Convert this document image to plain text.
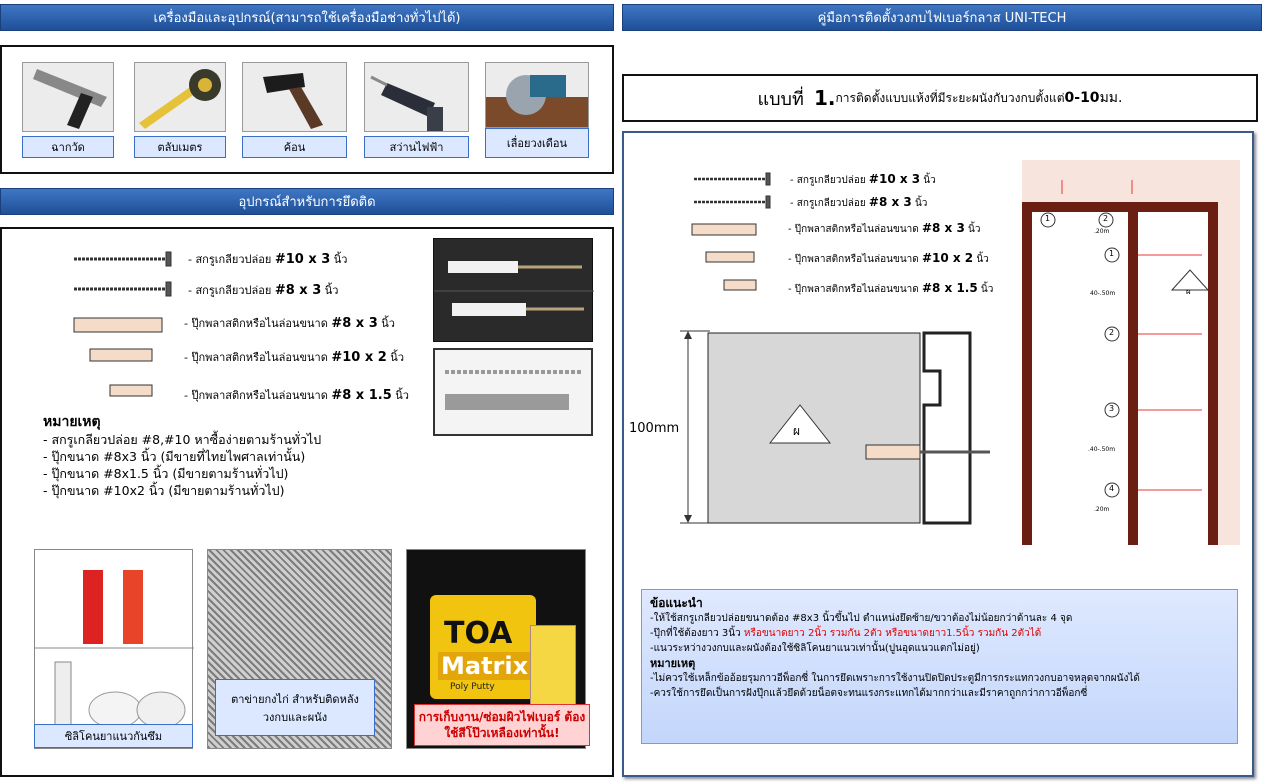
เครื่องมือและอุปกรณ์(สามารถใช้เครื่องมือช่างทั่วไปได้)
ฉากวัด	ตลับเมตร	ค้อน	สว่านไฟฟ้า	เลื่อยวงเดือน
อุปกรณ์สำหรับการยึดติด
- สกรูเกลียวปล่อย #10 x 3 นิ้ว
- สกรูเกลียวปล่อย #8 x 3 นิ้ว
- ปุ๊กพลาสติกหรือไนล่อนขนาด #8 x 3 นิ้ว
- ปุ๊กพลาสติกหรือไนล่อนขนาด #10 x 2 นิ้ว
- ปุ๊กพลาสติกหรือไนล่อนขนาด #8 x 1.5 นิ้ว
หมายเหตุ
- สกรูเกลียวปล่อย #8,#10 หาซื้อง่ายตามร้านทั่วไป
- ปุ๊กขนาด #8x3 นิ้ว (มีขายที่ไทยไพศาลเท่านั้น)
- ปุ๊กขนาด #8x1.5 นิ้ว (มีขายตามร้านทั่วไป)
- ปุ๊กขนาด #10x2 นิ้ว (มีขายตามร้านทั่วไป)
ซิลิโคนยาแนวกันซึม
ตาข่ายกงไก่ สำหรับติดหลังวงกบและผนัง
TOA
Matrix
Poly Putty
การเก็บงาน/ซ่อมผิวไฟเบอร์ ต้องใช้สีโป๊วเหลืองเท่านั้น!
คู่มือการติดตั้งวงกบไฟเบอร์กลาส UNI-TECH
แบบที่
1. การติดตั้งแบบแห้งที่มีระยะผนังกับวงกบตั้งแต่ 0-10 มม.
- สกรูเกลียวปล่อย #10 x 3 นิ้ว
- สกรูเกลียวปล่อย #8 x 3 นิ้ว
- ปุ๊กพลาสติกหรือไนล่อนขนาด #8 x 3 นิ้ว
- ปุ๊กพลาสติกหรือไนล่อนขนาด #10 x 2 นิ้ว
- ปุ๊กพลาสติกหรือไนล่อนขนาด #8 x 1.5 นิ้ว
100mm	ผ
1	2
1
2
3
4
ผ
.20m
40-.50m
.40-.50m
.20m
ข้อแนะนำ
-ให้ใช้สกรูเกลียวปล่อยขนาดต้อง #8x3 นิ้วขึ้นไป ตำแหน่งยึดซ้าย/ขวาต้องไม่น้อยกว่าด้านละ 4 จุด
-ปุ๊กที่ใช้ต้องยาว 3นิ้ว หรือขนาดยาว 2นิ้ว รวมกัน 2ตัว หรือขนาดยาว1.5นิ้ว รวมกัน 2ตัวได้
-แนวระหว่างวงกบและผนังต้องใช้ซิลิโคนยาแนวเท่านั้น(ปูนอุดแนวแตกไม่อยู่)
หมายเหตุ
-ไม่ควรใช้เหล็กข้ออ้อยรุมกาวอีพ็อกซี่ ในการยึดเพราะการใช้งานปิดปิดประตูมีการกระแทกวงกบอาจหลุดจากผนังได้
-ควรใช้การยึดเป็นการฝังปุ๊กแล้วยึดด้วยน็อตจะทนแรงกระแทกได้มากกว่าและมีราคาถูกกว่ากาวอีพ็อกซี่
